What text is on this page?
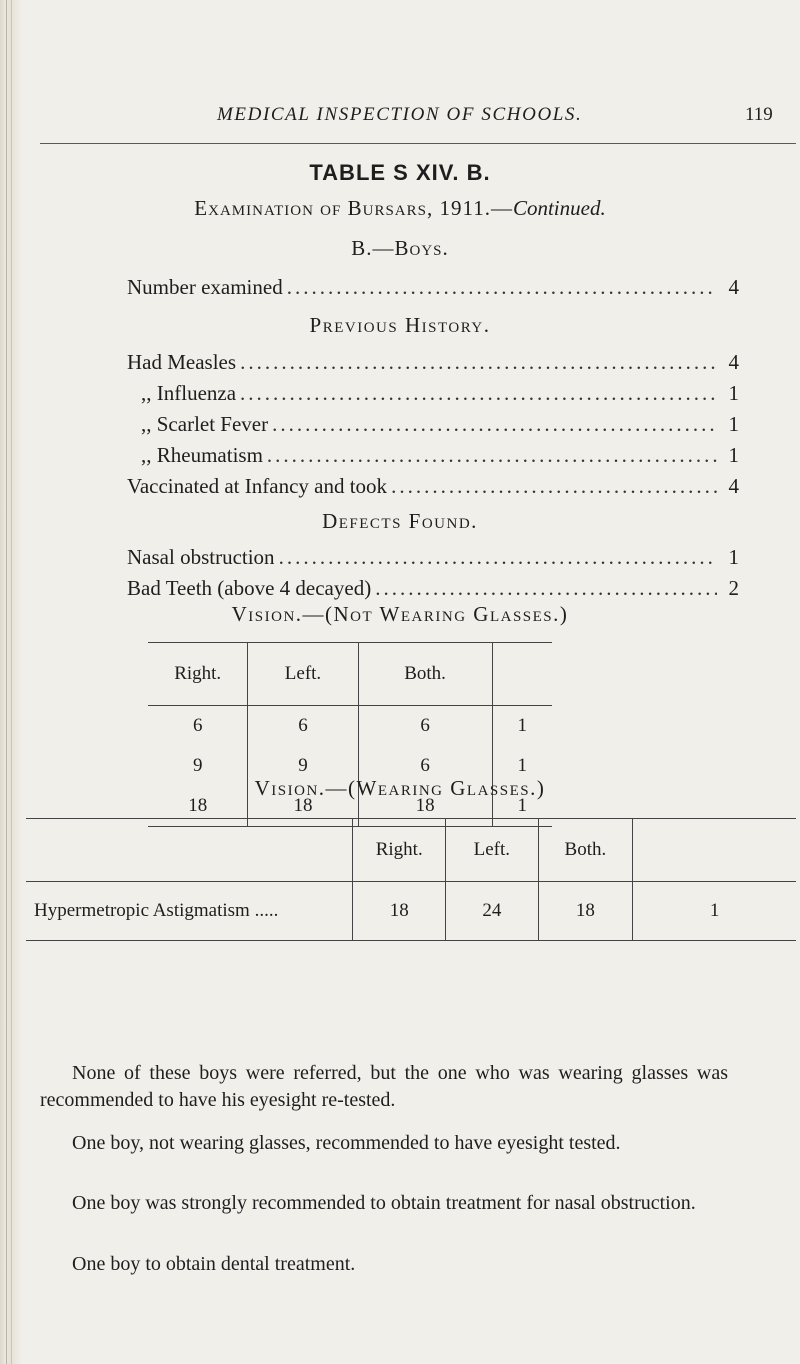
MEDICAL INSPECTION OF SCHOOLS.	119
TABLE S XIV. B.
Examination of Bursars, 1911.—Continued.
B.—Boys.
Number examined .....	4
Previous History.
Had Measles .....	4
,, Influenza .....	1
,, Scarlet Fever .....	1
,, Rheumatism .....	1
Vaccinated at Infancy and took .....	4
Defects Found.
Nasal obstruction .....	1
Bad Teeth (above 4 decayed) .....	2
Vision.—(Not Wearing Glasses.)
Right.	Left.	Both.	
6	6	6	1
9	9	6	1
18	18	18	1
Vision.—(Wearing Glasses.)
	Right.	Left.	Both.	
Hypermetropic Astigmatism .....	18	24	18	1

None of these boys were referred, but the one who was wearing glasses was recommended to have his eyesight re-tested.

One boy, not wearing glasses, recommended to have eyesight tested.

One boy was strongly recommended to obtain treatment for nasal obstruction.

One boy to obtain dental treatment.
